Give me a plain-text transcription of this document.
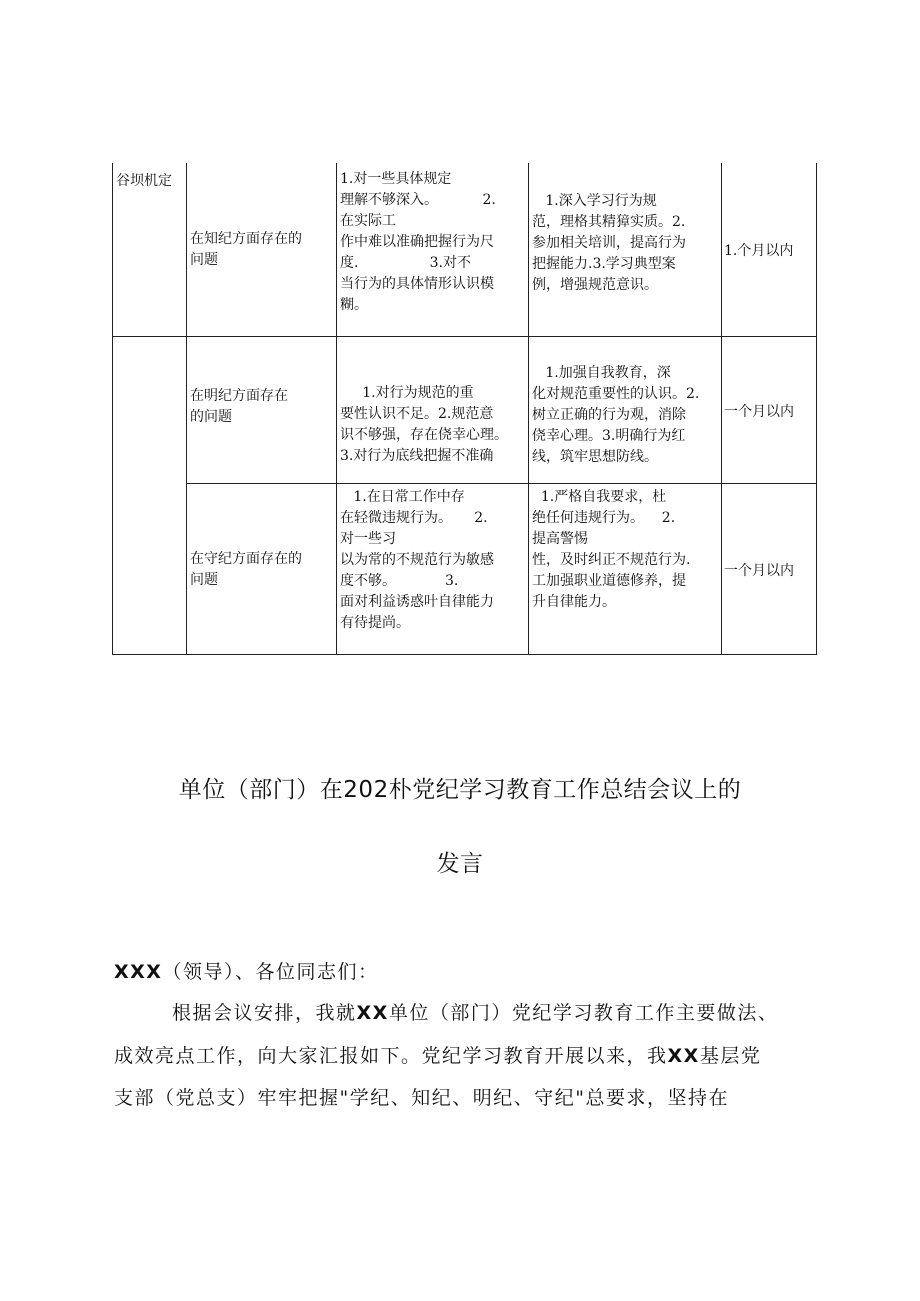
谷坝机定
在知纪方面存在的
问题
1.对一些具体规定
理解不够深入。          2.
在实际工
作中难以准确把握行为尺
度.                3.对不
当行为的具体情形认识模
糊。
1.深入学习行为规
范，理格其精獐实质。2.
参加相关培训，提高行为
把握能力.3.学习典型案
例，增强规范意识。
1.个月以内
在明纪方面存在
的问题
1.对行为规范的重
要性认识不足。2.规范意
识不够强，存在侥幸心理。
3.对行为底线把握不准确
1.加强自我教育，深
化对规范重要性的认识。2.
树立正确的行为观，消除
侥幸心理。3.明确行为红
线，筑牢思想防线。
一个月以内
在守纪方面存在的
问题
1.在日常工作中存
在轻微违规行为。     2.
对一些习
以为常的不规范行为敏感
度不够。           3.
面对利益诱惑叶自律能力
有待提尚。
1.严格自我要求，杜
绝任何违规行为。    2.
提高警惕
性，及时纠正不规范行为.
工加强职业道德修养，提
升自律能力。
一个月以内
单位（部门）在202朴党纪学习教育工作总结会议上的
发言
XXX（领导）、各位同志们：
根据会议安排，我就XX单位（部门）党纪学习教育工作主要做法、
成效亮点工作，向大家汇报如下。党纪学习教育开展以来，我XX基层党
支部（党总支）牢牢把握"学纪、知纪、明纪、守纪"总要求，坚持在
